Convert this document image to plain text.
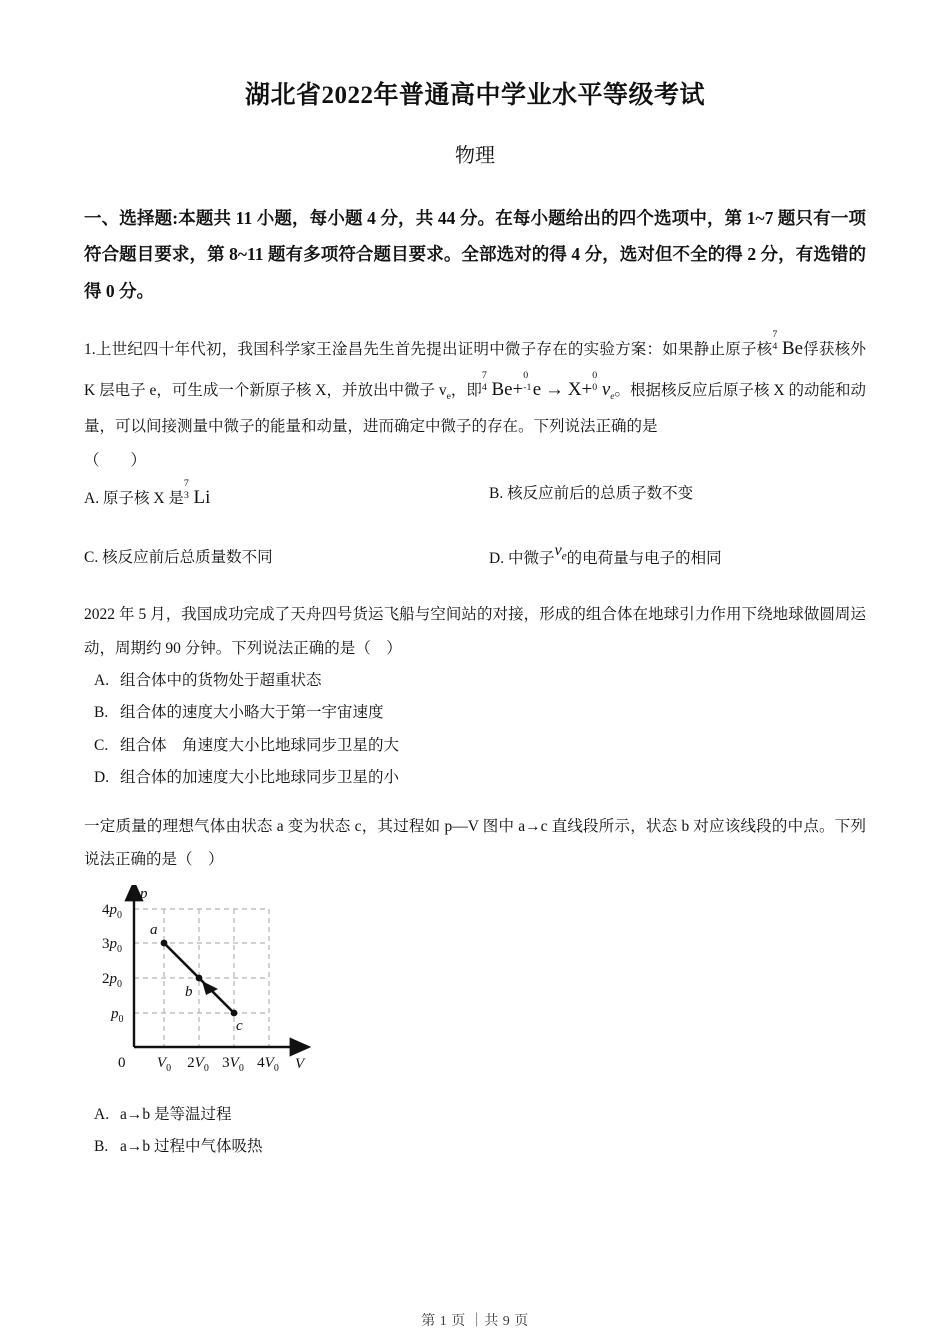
湖北省2022年普通高中学业水平等级考试
物理
一、选择题:本题共 11 小题，每小题 4 分，共 44 分。在每小题给出的四个选项中，第 1~7 题只有一项符合题目要求，第 8~11 题有多项符合题目要求。全部选对的得 4 分，选对但不全的得 2 分，有选错的得 0 分。
1.上世纪四十年代初，我国科学家王淦昌先生首先提出证明中微子存在的实验方案：如果静止原子核
7
4 Be俘获核外 K 层电子 e，可生成一个新原子核 X，并放出中微子 $v_e$，即
7
4 Be+
0
-1 e → X+
0
0 $v_e$。根据核反应后原子核 X 的动能和动量，可以间接测量中微子的能量和动量，进而确定中微子的存在。下列说法正确的是
（　　）
A. 原子核 X 是
7
3 Li	B. 核反应前后的总质子数不变
C. 核反应前后总质量数不同	D. 中微子$v_e$的电荷量与电子的相同
2022 年 5 月，我国成功完成了天舟四号货运飞船与空间站的对接，形成的组合体在地球引力作用下绕地球做圆周运动，周期约 90 分钟。下列说法正确的是（　）
A. 组合体中的货物处于超重状态
B. 组合体的速度大小略大于第一宇宙速度
C. 组合体　角速度大小比地球同步卫星的大
D. 组合体的加速度大小比地球同步卫星的小
一定质量的理想气体由状态 a 变为状态 c，其过程如 p—V 图中 a→c 直线段所示，状态 b 对应该线段的中点。下列说法正确的是（　）
a
b
c
p
V
0
$4p_0$
$3p_0$
$2p_0$
$p_0$
$V_0$ $2V_0$ $3V_0$ $4V_0$
A. a→b 是等温过程
B. a→b 过程中气体吸热
第 1 页 ｜共 9 页
